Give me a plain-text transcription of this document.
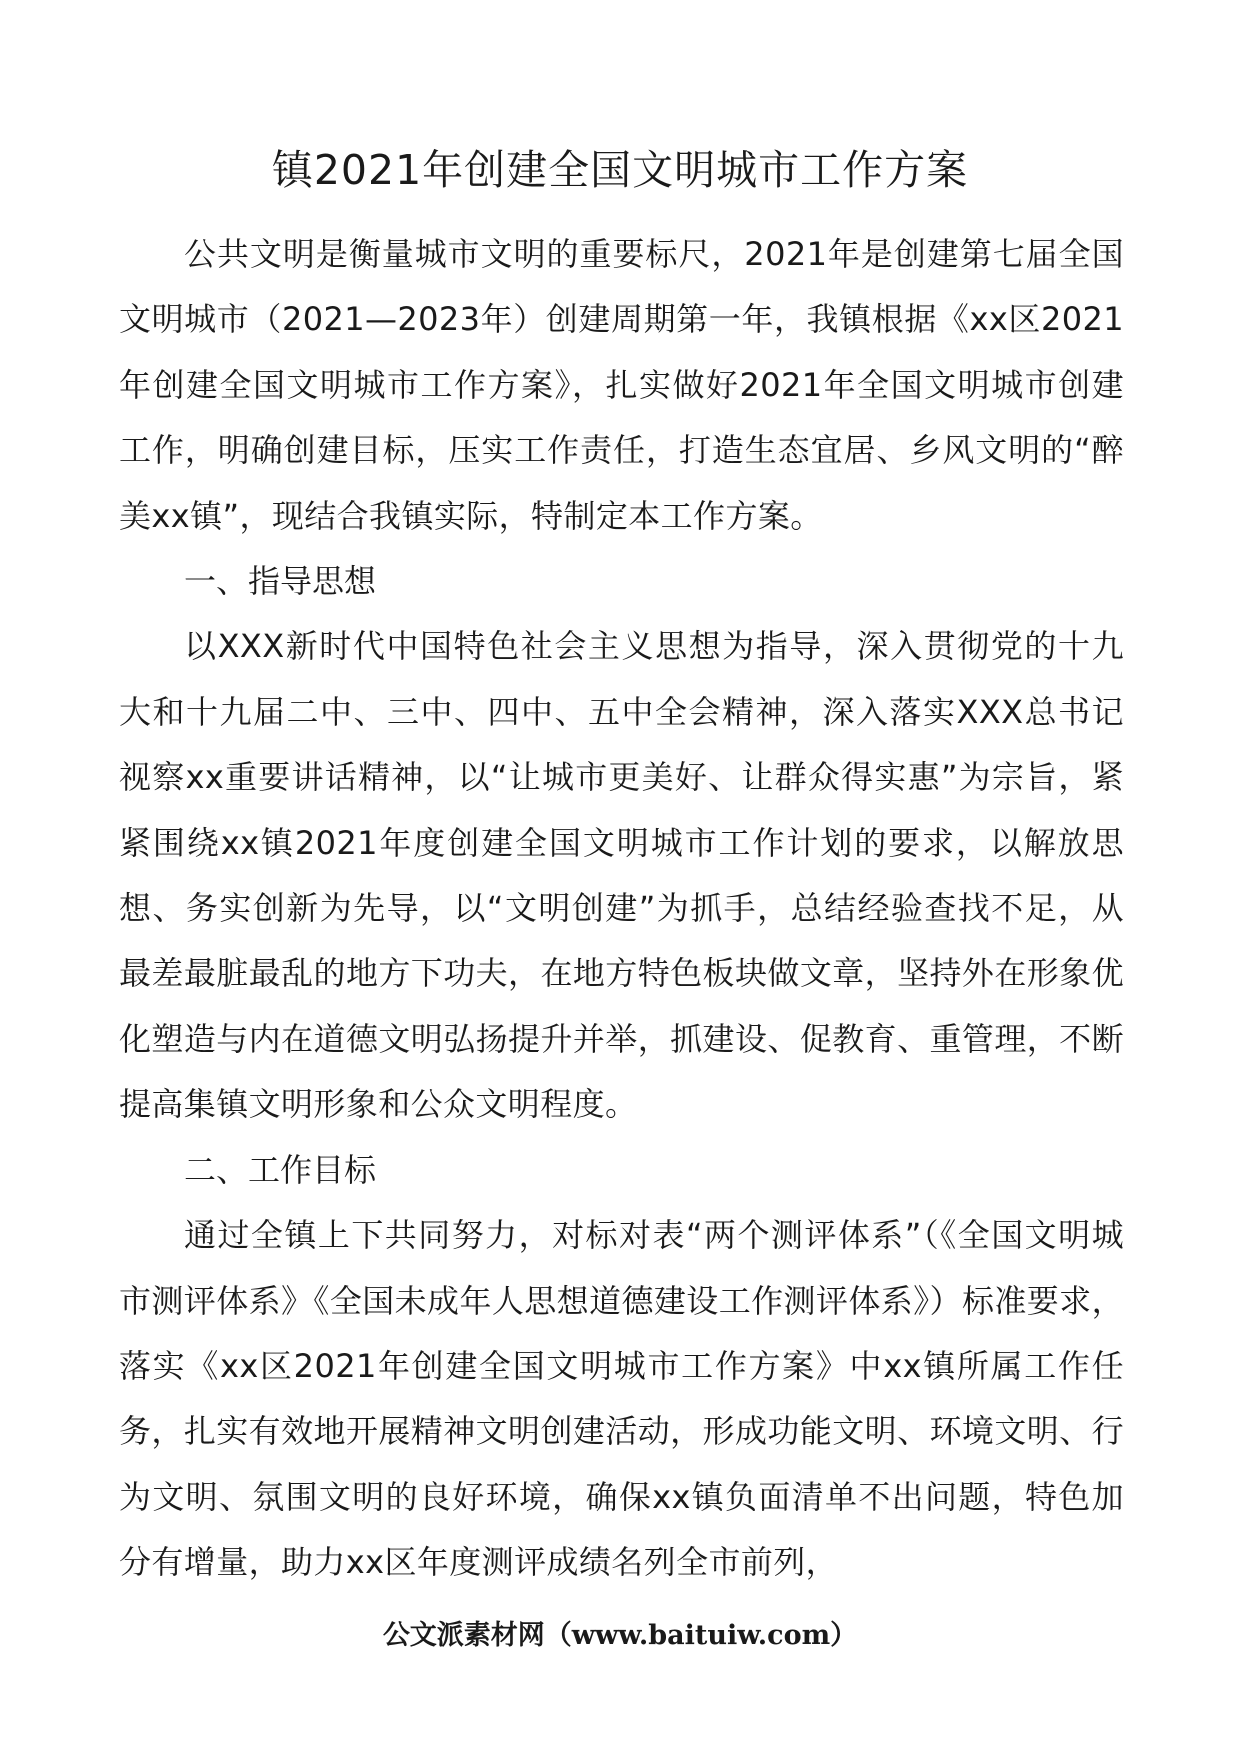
镇2021年创建全国文明城市工作方案

公共文明是衡量城市文明的重要标尺，2021年是创建第七届全国文明城市（2021—2023年）创建周期第一年，我镇根据《xx区2021年创建全国文明城市工作方案》，扎实做好2021年全国文明城市创建工作，明确创建目标，压实工作责任，打造生态宜居、乡风文明的“醉美xx镇”，现结合我镇实际，特制定本工作方案。

一、指导思想

以XXX新时代中国特色社会主义思想为指导，深入贯彻党的十九大和十九届二中、三中、四中、五中全会精神，深入落实XXX总书记视察xx重要讲话精神，以“让城市更美好、让群众得实惠”为宗旨，紧紧围绕xx镇2021年度创建全国文明城市工作计划的要求，以解放思想、务实创新为先导，以“文明创建”为抓手，总结经验查找不足，从最差最脏最乱的地方下功夫，在地方特色板块做文章，坚持外在形象优化塑造与内在道德文明弘扬提升并举，抓建设、促教育、重管理，不断提高集镇文明形象和公众文明程度。

二、工作目标

通过全镇上下共同努力，对标对表“两个测评体系”（《全国文明城市测评体系》《全国未成年人思想道德建设工作测评体系》）标准要求，落实《xx区2021年创建全国文明城市工作方案》中xx镇所属工作任务，扎实有效地开展精神文明创建活动，形成功能文明、环境文明、行为文明、氛围文明的良好环境，确保xx镇负面清单不出问题，特色加分有增量，助力xx区年度测评成绩名列全市前列，

公文派素材网（www.baituiw.com）
